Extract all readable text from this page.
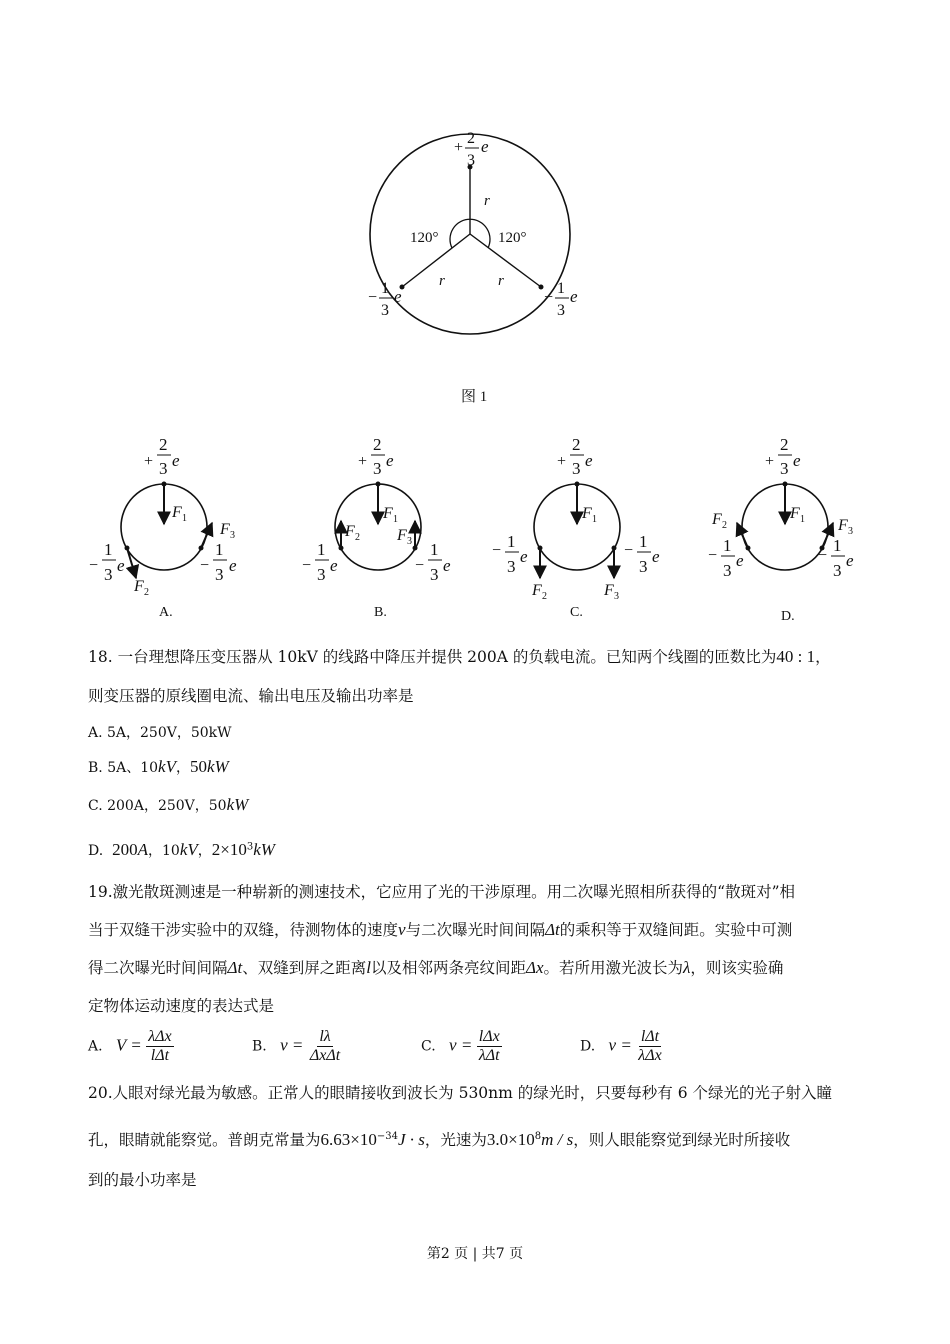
+
2
3
e
−
1
3
e	−
1
3
e
120°	120°
r
r	r
图 1
+
2
3 e
−
1
3 e	−
1
3 e
F 1
F 2
F 3
+
2
3 e
−
1
3 e	−
1
3 e
F 1
F 2 F 3
+
2
3 e
− 1
3
e	− 1
3
e
F 1
F 2	F 3
+
2
3 e
−
1
3
e	−
1
3
e
F 1
F 2	F 3
A.	B.	C.	D.
18. 一台理想降压变压器从 10kV 的线路中降压并提供 200A 的负载电流。已知两个线圈的匝数比为40 : 1，
则变压器的原线圈电流、输出电压及输出功率是
A. 5A，250V，50kW
B. 5A、10kV，50kW
C. 200A，250V，50kW
D. 200A，10kV，$2\times 10^3kW$
19.激光散斑测速是一种崭新的测速技术，它应用了光的干涉原理。用二次曝光照相所获得的“散斑对”相
当于双缝干涉实验中的双缝，待测物体的速度v与二次曝光时间间隔Δt的乘积等于双缝间距。实验中可测
得二次曝光时间间隔Δt、双缝到屏之距离l以及相邻两条亮纹间距Δx。若所用激光波长为λ，则该实验确
定物体运动速度的表达式是
A. $V = \frac{\text{λΔx}}{\text{lΔt}}$	B. $v = \frac{l\lambda}{\text{ΔxΔt}}$	C. $v = \frac{\text{lΔx}}{\text{λΔt}}$	D. $v = \frac{\text{lΔt}}{\text{λΔx}}$
20.人眼对绿光最为敏感。正常人的眼睛接收到波长为 530nm 的绿光时，只要每秒有 6 个绿光的光子射入瞳
孔，眼睛就能察觉。普朗克常量为$6.63\times 10^{-34}J \cdot s$，光速为$3.0\times 10^8m / s$，则人眼能察觉到绿光时所接收
到的最小功率是
第2 页 | 共7 页
